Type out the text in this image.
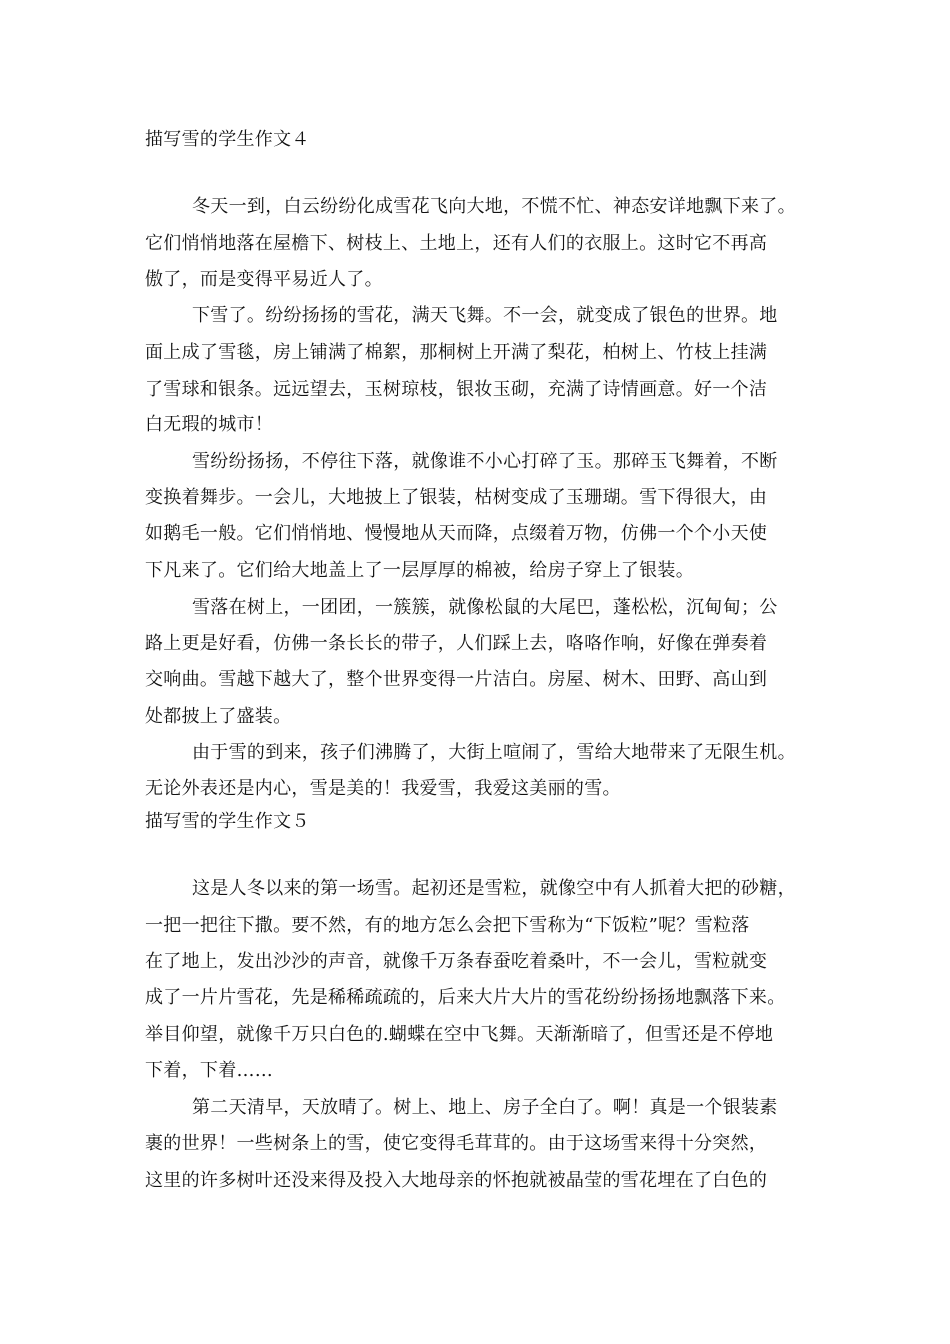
描写雪的学生作文４
冬天一到，白云纷纷化成雪花飞向大地，不慌不忙、神态安详地飘下来了。
它们悄悄地落在屋檐下、树枝上、土地上，还有人们的衣服上。这时它不再高
傲了，而是变得平易近人了。
下雪了。纷纷扬扬的雪花，满天飞舞。不一会，就变成了银色的世界。地
面上成了雪毯，房上铺满了棉絮，那桐树上开满了梨花，柏树上、竹枝上挂满
了雪球和银条。远远望去，玉树琼枝，银妆玉砌，充满了诗情画意。好一个洁
白无瑕的城市！
雪纷纷扬扬，不停往下落，就像谁不小心打碎了玉。那碎玉飞舞着，不断
变换着舞步。一会儿，大地披上了银装，枯树变成了玉珊瑚。雪下得很大，由
如鹅毛一般。它们悄悄地、慢慢地从天而降，点缀着万物，仿佛一个个小天使
下凡来了。它们给大地盖上了一层厚厚的棉被，给房子穿上了银装。
雪落在树上，一团团，一簇簇，就像松鼠的大尾巴，蓬松松，沉甸甸；公
路上更是好看，仿佛一条长长的带子，人们踩上去，咯咯作响，好像在弹奏着
交响曲。雪越下越大了，整个世界变得一片洁白。房屋、树木、田野、高山到
处都披上了盛装。
由于雪的到来，孩子们沸腾了，大街上喧闹了，雪给大地带来了无限生机。
无论外表还是内心，雪是美的！我爱雪，我爱这美丽的雪。
描写雪的学生作文５
这是人冬以来的第一场雪。起初还是雪粒，就像空中有人抓着大把的砂糖，
一把一把往下撒。要不然，有的地方怎么会把下雪称为“下饭粒”呢？雪粒落
在了地上，发出沙沙的声音，就像千万条春蚕吃着桑叶，不一会儿，雪粒就变
成了一片片雪花，先是稀稀疏疏的，后来大片大片的雪花纷纷扬扬地飘落下来。
举目仰望，就像千万只白色的.蝴蝶在空中飞舞。天渐渐暗了，但雪还是不停地
下着，下着……
第二天清早，天放晴了。树上、地上、房子全白了。啊！真是一个银装素
裹的世界！一些树条上的雪，使它变得毛茸茸的。由于这场雪来得十分突然，
这里的许多树叶还没来得及投入大地母亲的怀抱就被晶莹的雪花埋在了白色的
